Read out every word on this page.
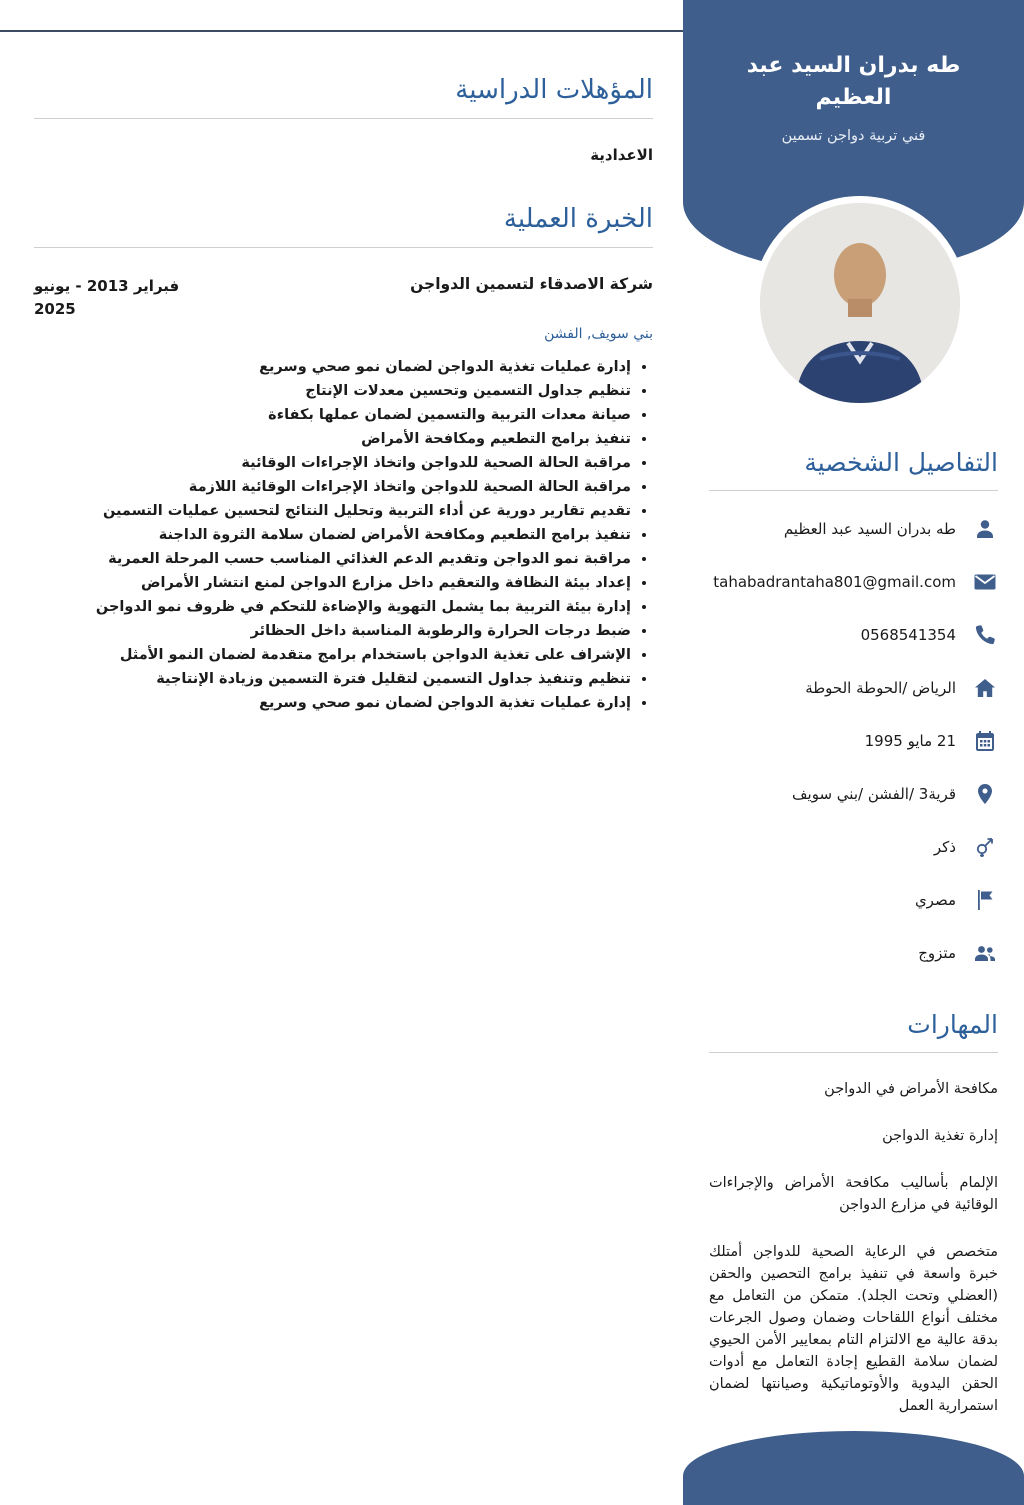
طه بدران السيد عبد العظيم
فني تربية دواجن تسمين
التفاصيل الشخصية
طه بدران السيد عبد العظيم
tahabadrantaha801@gmail.com
0568541354
الرياض /الحوطة الحوطة
21 مايو 1995
قرية3 /الفشن /بني سويف
ذكر
مصري
متزوج
المهارات

مكافحة الأمراض في الدواجن

إدارة تغذية الدواجن

الإلمام بأساليب مكافحة الأمراض والإجراءات الوقائية في مزارع الدواجن

متخصص في الرعاية الصحية للدواجن أمتلك خبرة واسعة في تنفيذ برامج التحصين والحقن (العضلي وتحت الجلد). متمكن من التعامل مع مختلف أنواع اللقاحات وضمان وصول الجرعات بدقة عالية مع الالتزام التام بمعايير الأمن الحيوي لضمان سلامة القطيع إجادة التعامل مع أدوات الحقن اليدوية والأوتوماتيكية وصيانتها لضمان استمرارية العمل

المؤهلات الدراسية
الاعدادية
الخبرة العملية
شركة الاصدقاء لتسمين الدواجن
فبراير 2013 - يونيو 2025
بني سويف, الفشن
• إدارة عمليات تغذية الدواجن لضمان نمو صحي وسريع
• تنظيم جداول التسمين وتحسين معدلات الإنتاج
• صيانة معدات التربية والتسمين لضمان عملها بكفاءة
• تنفيذ برامج التطعيم ومكافحة الأمراض
• مراقبة الحالة الصحية للدواجن واتخاذ الإجراءات الوقائية
• مراقبة الحالة الصحية للدواجن واتخاذ الإجراءات الوقائية اللازمة
• تقديم تقارير دورية عن أداء التربية وتحليل النتائج لتحسين عمليات التسمين
• تنفيذ برامج التطعيم ومكافحة الأمراض لضمان سلامة الثروة الداجنة
• مراقبة نمو الدواجن وتقديم الدعم الغذائي المناسب حسب المرحلة العمرية
• إعداد بيئة النظافة والتعقيم داخل مزارع الدواجن لمنع انتشار الأمراض
• إدارة بيئة التربية بما يشمل التهوية والإضاءة للتحكم في ظروف نمو الدواجن
• ضبط درجات الحرارة والرطوبة المناسبة داخل الحظائر
• الإشراف على تغذية الدواجن باستخدام برامج متقدمة لضمان النمو الأمثل
• تنظيم وتنفيذ جداول التسمين لتقليل فترة التسمين وزيادة الإنتاجية
• إدارة عمليات تغذية الدواجن لضمان نمو صحي وسريع
